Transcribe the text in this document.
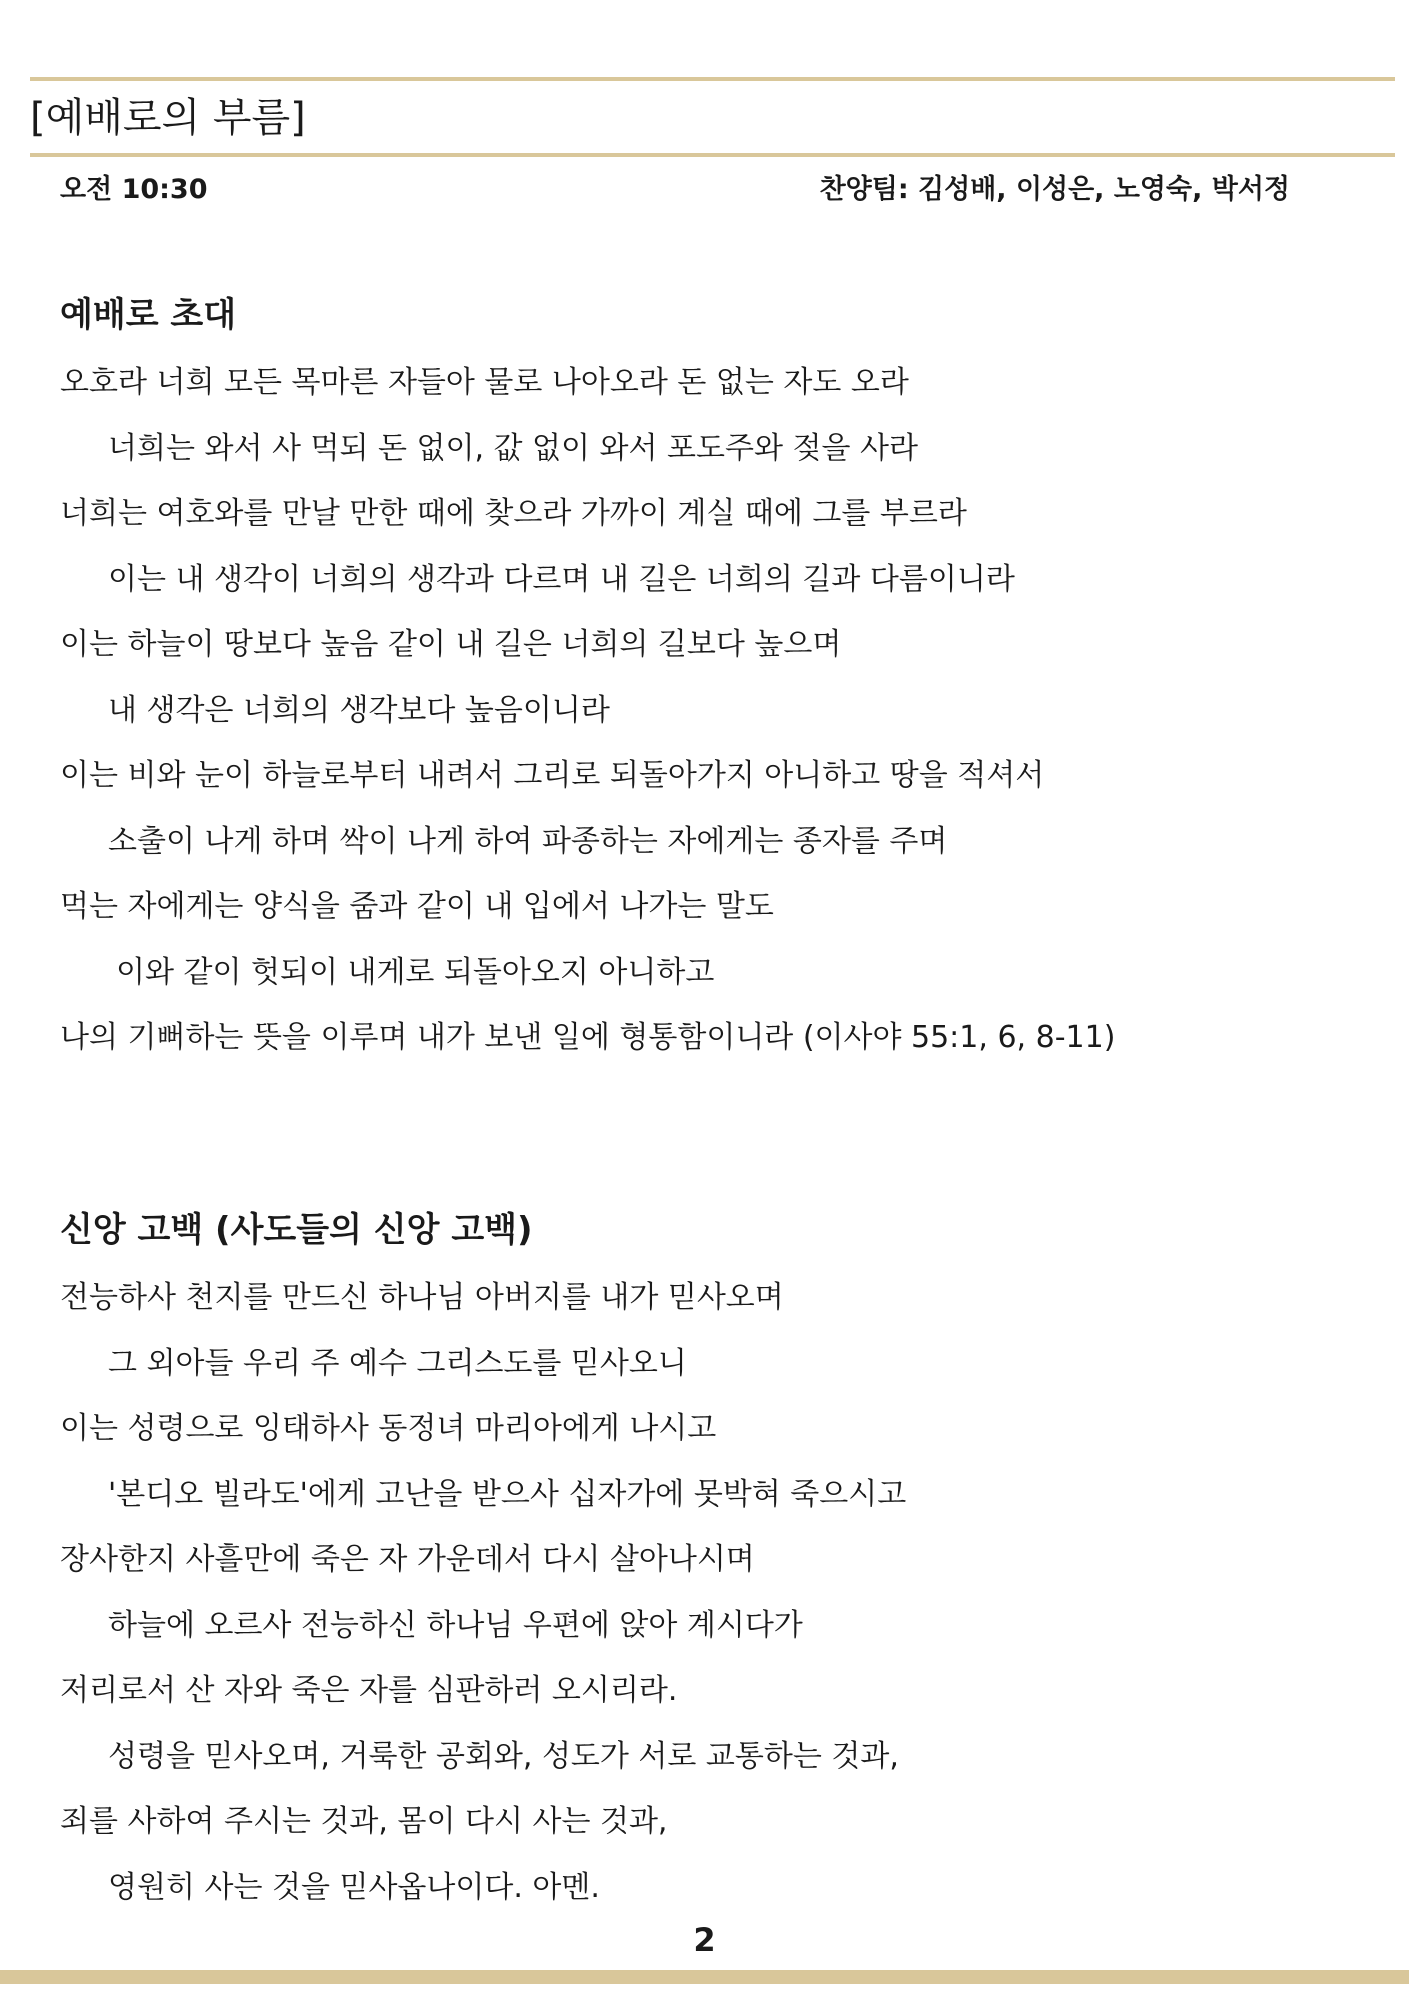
[예배로의 부름]
오전 10:30	찬양팀: 김성배, 이성은, 노영숙, 박서정
예배로 초대
오호라 너희 모든 목마른 자들아 물로 나아오라 돈 없는 자도 오라
너희는 와서 사 먹되 돈 없이, 값 없이 와서 포도주와 젖을 사라
너희는 여호와를 만날 만한 때에 찾으라 가까이 계실 때에 그를 부르라
이는 내 생각이 너희의 생각과 다르며 내 길은 너희의 길과 다름이니라
이는 하늘이 땅보다 높음 같이 내 길은 너희의 길보다 높으며
내 생각은 너희의 생각보다 높음이니라
이는 비와 눈이 하늘로부터 내려서 그리로 되돌아가지 아니하고 땅을 적셔서
소출이 나게 하며 싹이 나게 하여 파종하는 자에게는 종자를 주며
먹는 자에게는 양식을 줌과 같이 내 입에서 나가는 말도
이와 같이 헛되이 내게로 되돌아오지 아니하고
나의 기뻐하는 뜻을 이루며 내가 보낸 일에 형통함이니라 (이사야 55:1, 6, 8-11)
신앙 고백 (사도들의 신앙 고백)
전능하사 천지를 만드신 하나님 아버지를 내가 믿사오며
그 외아들 우리 주 예수 그리스도를 믿사오니
이는 성령으로 잉태하사 동정녀 마리아에게 나시고
'본디오 빌라도'에게 고난을 받으사 십자가에 못박혀 죽으시고
장사한지 사흘만에 죽은 자 가운데서 다시 살아나시며
하늘에 오르사 전능하신 하나님 우편에 앉아 계시다가
저리로서 산 자와 죽은 자를 심판하러 오시리라.
성령을 믿사오며, 거룩한 공회와, 성도가 서로 교통하는 것과,
죄를 사하여 주시는 것과, 몸이 다시 사는 것과,
영원히 사는 것을 믿사옵나이다. 아멘.
2
